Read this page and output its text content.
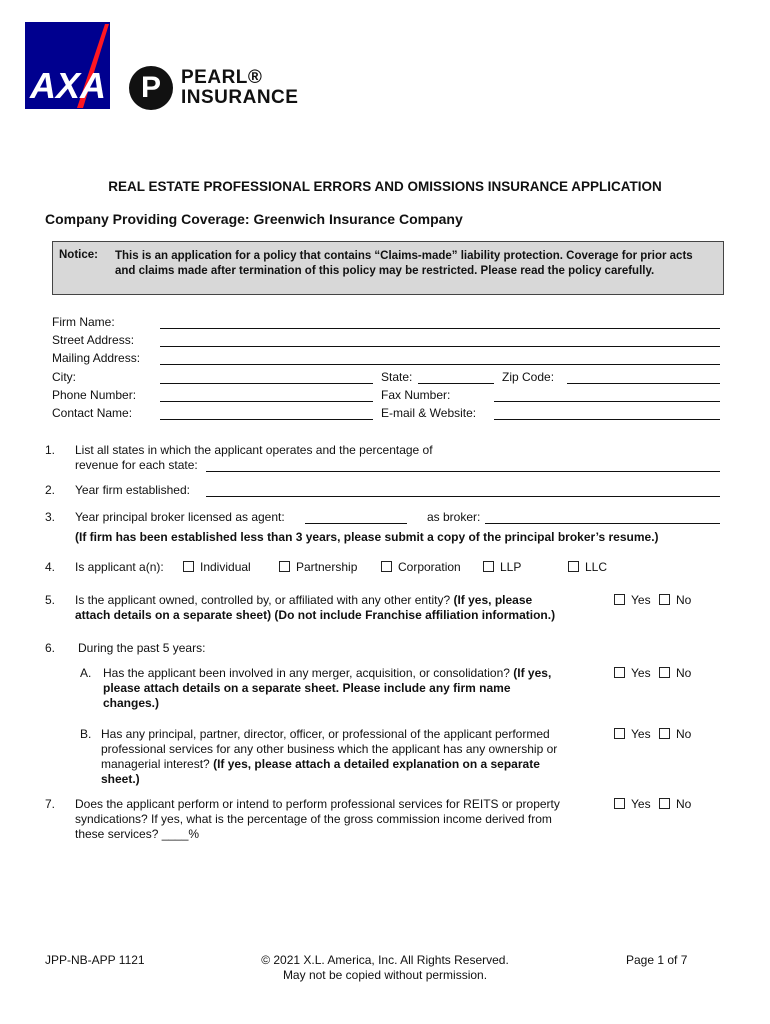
AXA	P	PEARL®
INSURANCE
REAL ESTATE PROFESSIONAL ERRORS AND OMISSIONS INSURANCE APPLICATION
Company Providing Coverage: Greenwich Insurance Company
Notice: This is an application for a policy that contains “Claims-made” liability protection. Coverage for prior acts and claims made after termination of this policy may be restricted. Please read the policy carefully.
Firm Name:
Street Address:
Mailing Address:
City:	State:	Zip Code:
Phone Number:	Fax Number:
Contact Name:	E-mail & Website:
1. List all states in which the applicant operates and the percentage of
revenue for each state:
2. Year firm established:
3. Year principal broker licensed as agent:	as broker:
(If firm has been established less than 3 years, please submit a copy of the principal broker’s resume.)
4. Is applicant a(n):	Individual	Partnership	Corporation	LLP	LLC
5. Is the applicant owned, controlled by, or affiliated with any other entity? (If yes, please
attach details on a separate sheet) (Do not include Franchise affiliation information.)
Yes No
6. During the past 5 years:
A. Has the applicant been involved in any merger, acquisition, or consolidation? (If yes,
please attach details on a separate sheet. Please include any firm name
changes.)
Yes No
B. Has any principal, partner, director, officer, or professional of the applicant performed
professional services for any other business which the applicant has any ownership or
managerial interest? (If yes, please attach a detailed explanation on a separate
sheet.)
Yes No
7. Does the applicant perform or intend to perform professional services for REITS or property
syndications? If yes, what is the percentage of the gross commission income derived from
these services? ____%
Yes No
JPP-NB-APP 1121	© 2021 X.L. America, Inc. All Rights Reserved.
May not be copied without permission.
Page 1 of 7
